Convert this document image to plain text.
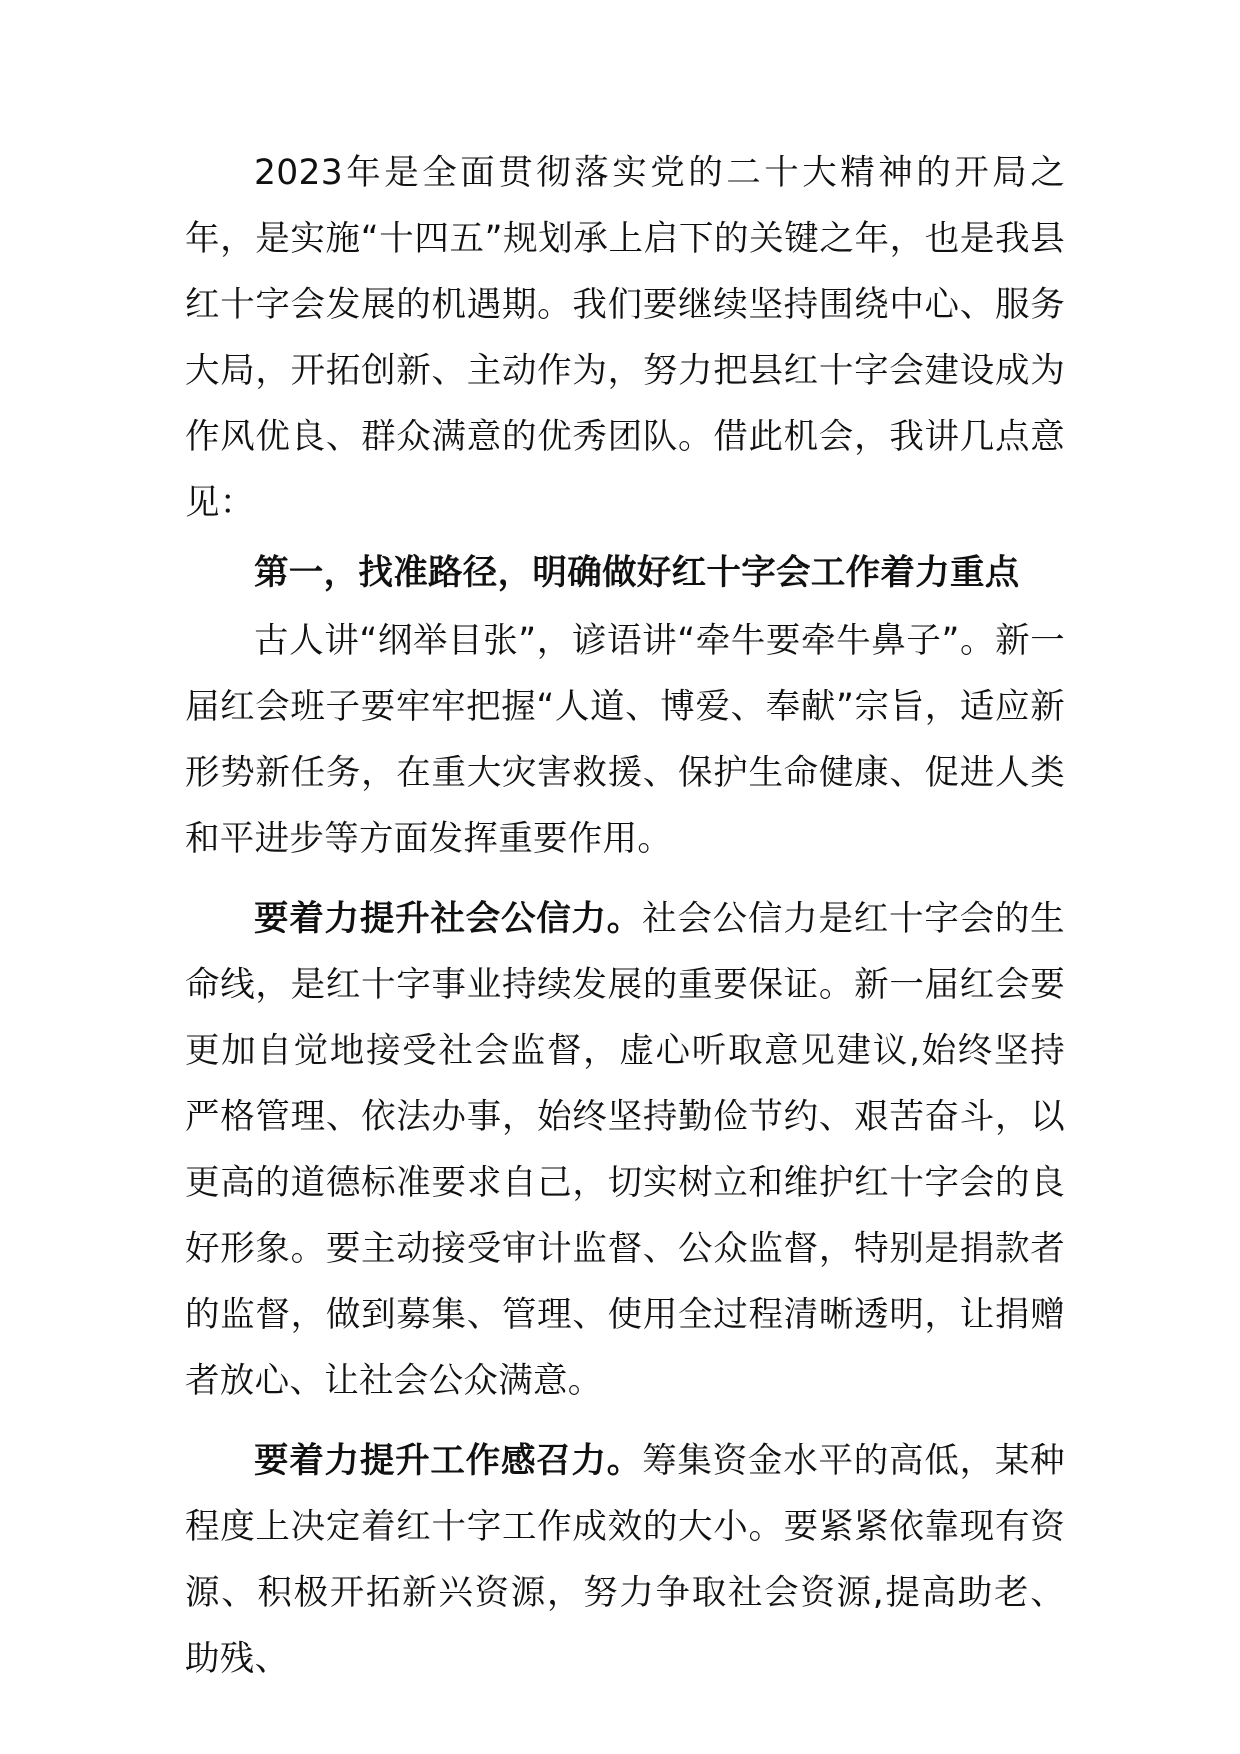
2023年是全面贯彻落实党的二十大精神的开局之年，是实施“十四五”规划承上启下的关键之年，也是我县红十字会发展的机遇期。我们要继续坚持围绕中心、服务大局，开拓创新、主动作为，努力把县红十字会建设成为作风优良、群众满意的优秀团队。借此机会，我讲几点意见：

第一，找准路径，明确做好红十字会工作着力重点

古人讲“纲举目张”，谚语讲“牵牛要牵牛鼻子”。新一届红会班子要牢牢把握“人道、博爱、奉献”宗旨，适应新形势新任务，在重大灾害救援、保护生命健康、促进人类和平进步等方面发挥重要作用。

要着力提升社会公信力。社会公信力是红十字会的生命线，是红十字事业持续发展的重要保证。新一届红会要更加自觉地接受社会监督，虚心听取意见建议,始终坚持严格管理、依法办事，始终坚持勤俭节约、艰苦奋斗，以更高的道德标准要求自己，切实树立和维护红十字会的良好形象。要主动接受审计监督、公众监督，特别是捐款者的监督，做到募集、管理、使用全过程清晰透明，让捐赠者放心、让社会公众满意。

要着力提升工作感召力。筹集资金水平的高低，某种程度上决定着红十字工作成效的大小。要紧紧依靠现有资源、积极开拓新兴资源，努力争取社会资源,提高助老、助残、
